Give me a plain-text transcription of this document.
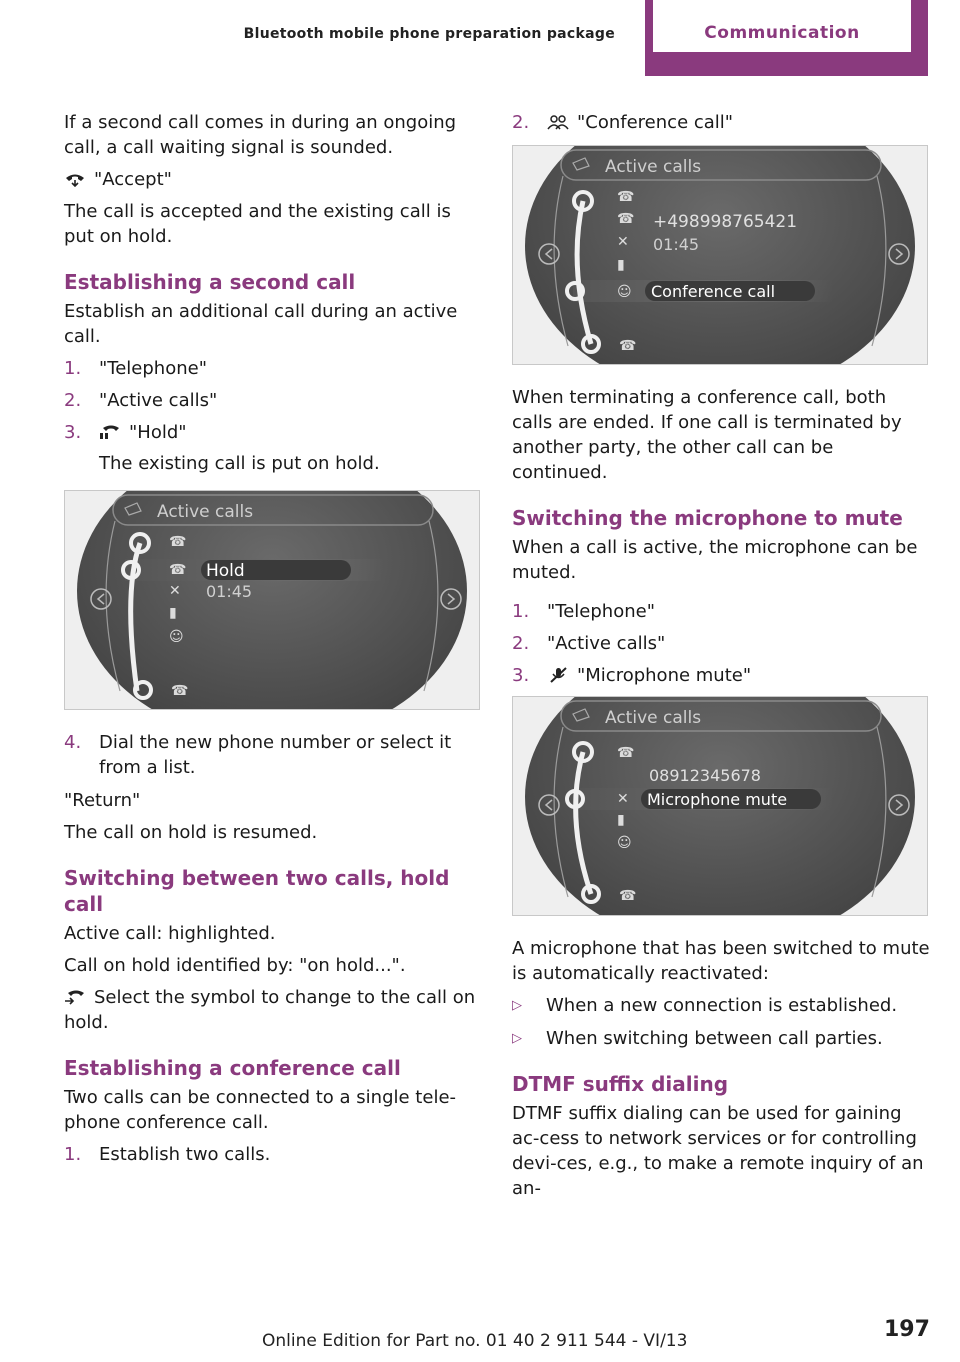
Bluetooth mobile phone preparation package	Communication

If a second call comes in during an ongoing call, a call waiting signal is sounded.

"Accept"

The call is accepted and the existing call is put on hold.

Establishing a second call

Establish an additional call during an active call.

1. "Telephone"
2. "Active calls"
3.	"Hold"
The existing call is put on hold.
Active calls
☎
☎
✕
▮
☺
☎
Hold
01:45
4. Dial the new phone number or select it from a list.

"Return"

The call on hold is resumed.

Switching between two calls, hold call

Active call: highlighted.

Call on hold identified by: "on hold...".

Select the symbol to change to the call on hold.

Establishing a conference call

Two calls can be connected to a single tele‐phone conference call.

1. Establish two calls.
2.	"Conference call"
Active calls
☎
☎
✕
▮
☺
☎
+498998765421
01:45
Conference call

When terminating a conference call, both calls are ended. If one call is terminated by another party, the other call can be continued.

Switching the microphone to mute

When a call is active, the microphone can be muted.

1. "Telephone"
2. "Active calls"
3.	"Microphone mute"
Active calls
☎
✕
▮
☺
☎
08912345678
Microphone mute

A microphone that has been switched to mute is automatically reactivated:

▷ When a new connection is established.
▷ When switching between call parties.
DTMF suffix dialing

DTMF suffix dialing can be used for gaining ac‐cess to network services or for controlling devi‐ces, e.g., to make a remote inquiry of an an‐

197
Online Edition for Part no. 01 40 2 911 544 - VI/13
